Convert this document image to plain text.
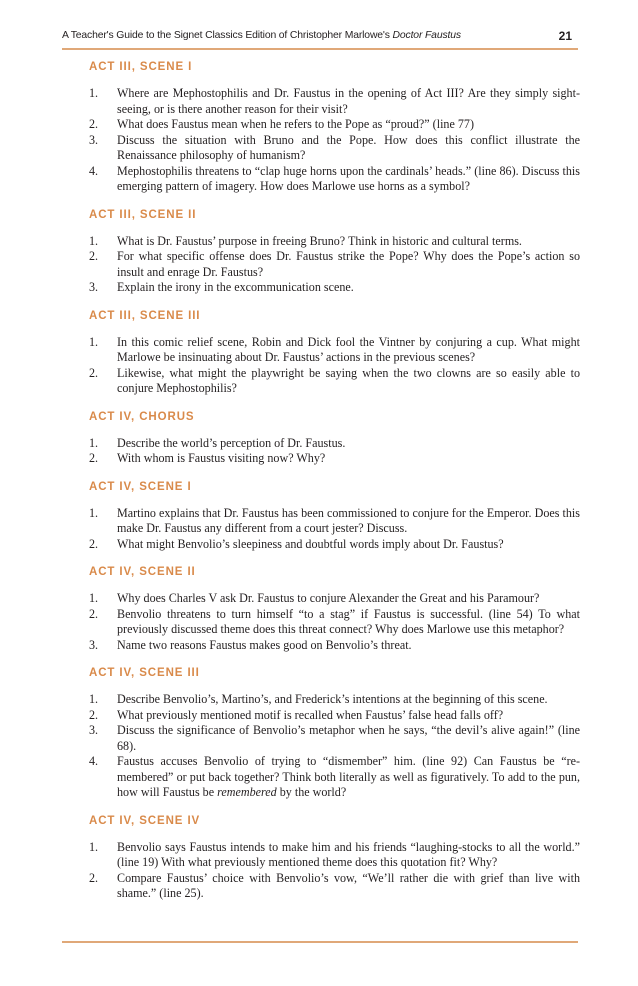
A Teacher's Guide to the Signet Classics Edition of Christopher Marlowe's Doctor Faustus	21
ACT III, SCENE I
1. Where are Mephostophilis and Dr. Faustus in the opening of Act III? Are they simply sight-seeing, or is there another reason for their visit?
2. What does Faustus mean when he refers to the Pope as “proud?” (line 77)
3. Discuss the situation with Bruno and the Pope. How does this conflict illustrate the Renaissance philosophy of humanism?
4. Mephostophilis threatens to “clap huge horns upon the cardinals’ heads.” (line 86). Discuss this emerging pattern of imagery. How does Marlowe use horns as a symbol?
ACT III, SCENE II
1. What is Dr. Faustus’ purpose in freeing Bruno? Think in historic and cultural terms.
2. For what specific offense does Dr. Faustus strike the Pope? Why does the Pope’s action so insult and enrage Dr. Faustus?
3. Explain the irony in the excommunication scene.
ACT III, SCENE III
1. In this comic relief scene, Robin and Dick fool the Vintner by conjuring a cup. What might Marlowe be insinuating about Dr. Faustus’ actions in the previous scenes?
2. Likewise, what might the playwright be saying when the two clowns are so easily able to conjure Mephostophilis?
ACT IV, CHORUS
1. Describe the world’s perception of Dr. Faustus.
2. With whom is Faustus visiting now? Why?
ACT IV, SCENE I
1. Martino explains that Dr. Faustus has been commissioned to conjure for the Emperor. Does this make Dr. Faustus any different from a court jester? Discuss.
2. What might Benvolio’s sleepiness and doubtful words imply about Dr. Faustus?
ACT IV, SCENE II
1. Why does Charles V ask Dr. Faustus to conjure Alexander the Great and his Paramour?
2. Benvolio threatens to turn himself “to a stag” if Faustus is successful. (line 54) To what previously discussed theme does this threat connect? Why does Marlowe use this metaphor?
3. Name two reasons Faustus makes good on Benvolio’s threat.
ACT IV, SCENE III
1. Describe Benvolio’s, Martino’s, and Frederick’s intentions at the beginning of this scene.
2. What previously mentioned motif is recalled when Faustus’ false head falls off?
3. Discuss the significance of Benvolio’s metaphor when he says, “the devil’s alive again!” (line 68).
4. Faustus accuses Benvolio of trying to “dismember” him. (line 92) Can Faustus be “re-membered” or put back together? Think both literally as well as figuratively. To add to the pun, how will Faustus be remembered by the world?
ACT IV, SCENE IV
1. Benvolio says Faustus intends to make him and his friends “laughing-stocks to all the world.” (line 19) With what previously mentioned theme does this quotation fit? Why?
2. Compare Faustus’ choice with Benvolio’s vow, “We’ll rather die with grief than live with shame.” (line 25).
